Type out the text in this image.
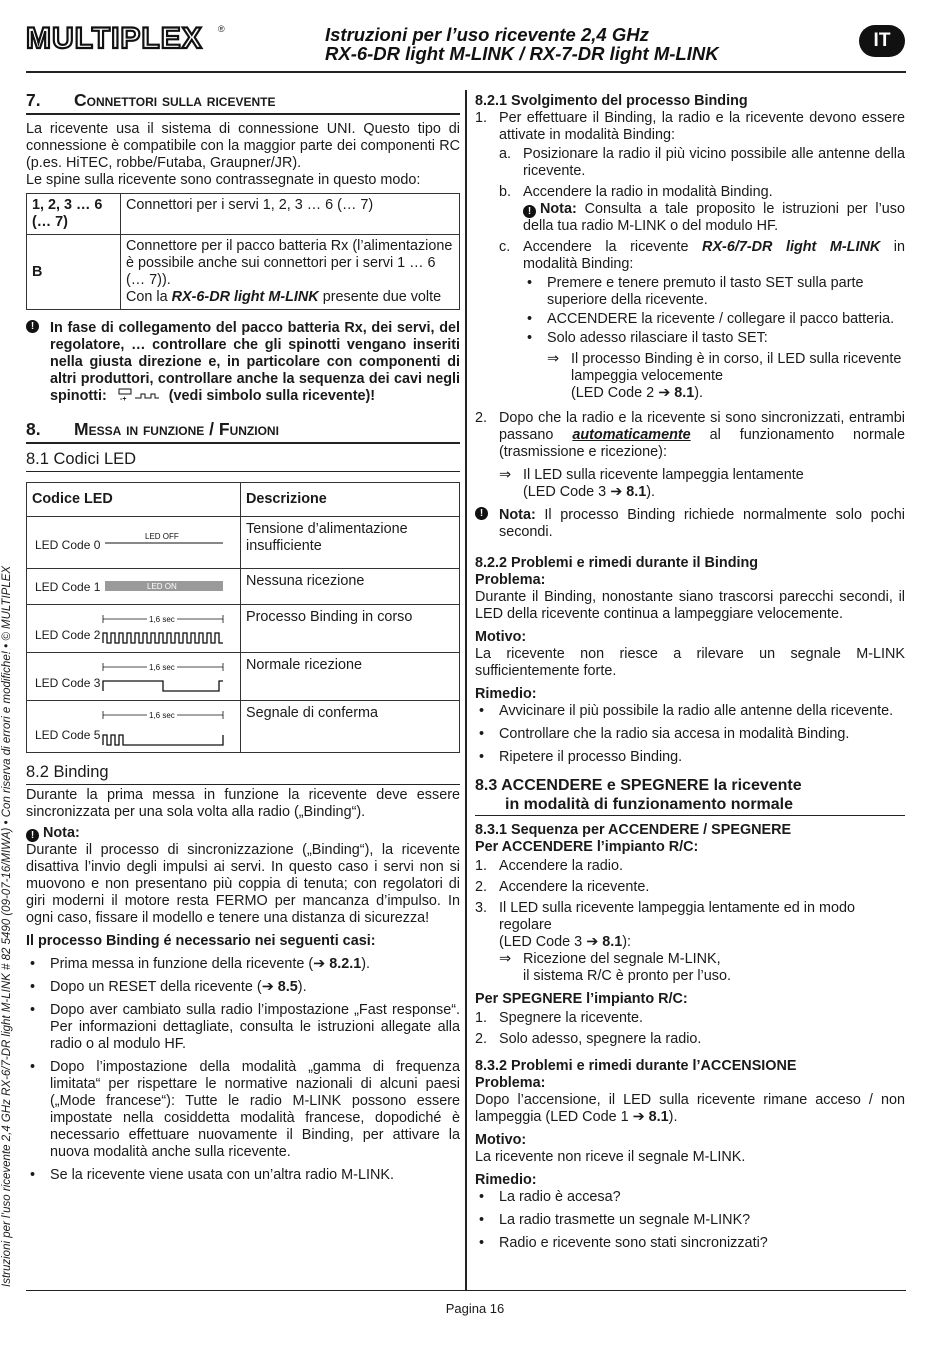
MULTIPLEX	®	Istruzioni per l’uso ricevente 2,4 GHz
RX-6-DR light M-LINK / RX-7-DR light M-LINK
IT
Istruzioni per l’uso ricevente 2,4 GHz RX-6/7-DR light M-LINK # 82 5490 (09-07-16/MIWA) • Con riserva di errori e modifiche! • © MULTIPLEX
7. Connettori sulla ricevente

La ricevente usa il sistema di connessione UNI. Questo tipo di connessione è compatibile con la maggior parte dei componenti RC (p.es. HiTEC, robbe/Futaba, Graupner/JR).

Le spine sulla ricevente sono contrassegnate in questo modo:

1, 2, 3 … 6 (… 7)	Connettori per i servi 1, 2, 3 … 6 (… 7)
B	Connettore per il pacco batteria Rx (l’alimentazione è possibile anche sui connettori per i servi 1 … 6 (… 7)).
Con la RX-6-DR light M-LINK presente due volte
!	In fase di collegamento del pacco batteria Rx, dei servi, del regolatore, … controllare che gli spinotti vengano inseriti nella giusta direzione e, in particolare con componenti di altri produttori, controllare anche la sequenza dei cavi negli spinotti: -+	(vedi simbolo sulla ricevente)!
8. Messa in funzione / Funzioni
8.1 Codici LED
Codice LED	Descrizione

LED Code 0
LED OFF	Tensione d’alimentazione insufficiente

LED Code 1 LED ON	Nessuna ricezione

LED Code 2
1,6 sec	Processo Binding in corso

LED Code 3
1,6 sec	Normale ricezione

LED Code 5
1,6 sec	Segnale di conferma
8.2 Binding

Durante la prima messa in funzione la ricevente deve essere sincronizzata per una sola volta alla radio („Binding“).

! Nota:

Durante il processo di sincronizzazione („Binding“), la ricevente disattiva l’invio degli impulsi ai servi. In questo caso i servi non si muovono e non presentano più coppia di tenuta; con regolatori di giri moderni il motore resta FERMO per mancanza d’impulso. In ogni caso, fissare il modello e tenere una distanza di sicurezza!

Il processo Binding é necessario nei seguenti casi:
• Prima messa in funzione della ricevente (➔ 8.2.1).
• Dopo un RESET della ricevente (➔ 8.5).
• Dopo aver cambiato sulla radio l’impostazione „Fast response“. Per informazioni dettagliate, consulta le istruzioni allegate alla radio o al modulo HF.
• Dopo l’impostazione della modalità „gamma di frequenza limitata“ per rispettare le normative nazionali di alcuni paesi („Mode francese“): Tutte le radio M-LINK possono essere impostate nella cosiddetta modalità francese, dopodiché è necessario effettuare nuovamente il Binding, per attivare la nuova modalità anche sulla ricevente.
• Se la ricevente viene usata con un’altra radio M-LINK.
8.2.1 Svolgimento del processo Binding
1. Per effettuare il Binding, la radio e la ricevente devono essere attivate in modalità Binding:
a. Posizionare la radio il più vicino possibile alle antenne della ricevente.
b. Accendere la radio in modalità Binding.
! Nota: Consulta a tale proposito le istruzioni per l’uso della tua radio M-LINK o del modulo HF.
c. Accendere la ricevente RX-6/7-DR light M-LINK in modalità Binding:
• Premere e tenere premuto il tasto SET sulla parte superiore della ricevente.
• ACCENDERE la ricevente / collegare il pacco batteria.
• Solo adesso rilasciare il tasto SET:
⇒ Il processo Binding è in corso, il LED sulla ricevente lampeggia velocemente
(LED Code 2 ➔ 8.1).
2. Dopo che la radio e la ricevente si sono sincronizzati, entrambi passano automaticamente al funzionamento normale (trasmissione e ricezione):
⇒ Il LED sulla ricevente lampeggia lentamente
(LED Code 3 ➔ 8.1).
!	Nota: Il processo Binding richiede normalmente solo pochi secondi.
8.2.2 Problemi e rimedi durante il Binding
Problema:

Durante il Binding, nonostante siano trascorsi parecchi secondi, il LED della ricevente continua a lampeggiare velocemente.

Motivo:

La ricevente non riesce a rilevare un segnale M-LINK sufficientemente forte.

Rimedio:
• Avvicinare il più possibile la radio alle antenne della ricevente.
• Controllare che la radio sia accesa in modalità Binding.
• Ripetere il processo Binding.
8.3 ACCENDERE e SPEGNERE la ricevente
in modalità di funzionamento normale
8.3.1 Sequenza per ACCENDERE / SPEGNERE
Per ACCENDERE l’impianto R/C:
1. Accendere la radio.
2. Accendere la ricevente.
3. Il LED sulla ricevente lampeggia lentamente ed in modo regolare
(LED Code 3 ➔ 8.1):
⇒ Ricezione del segnale M-LINK,
il sistema R/C è pronto per l’uso.
Per SPEGNERE l’impianto R/C:
1. Spegnere la ricevente.
2. Solo adesso, spegnere la radio.
8.3.2 Problemi e rimedi durante l’ACCENSIONE
Problema:

Dopo l’accensione, il LED sulla ricevente rimane acceso / non lampeggia (LED Code 1 ➔ 8.1).

Motivo:

La ricevente non riceve il segnale M-LINK.

Rimedio:
• La radio è accesa?
• La radio trasmette un segnale M-LINK?
• Radio e ricevente sono stati sincronizzati?
Pagina 16
